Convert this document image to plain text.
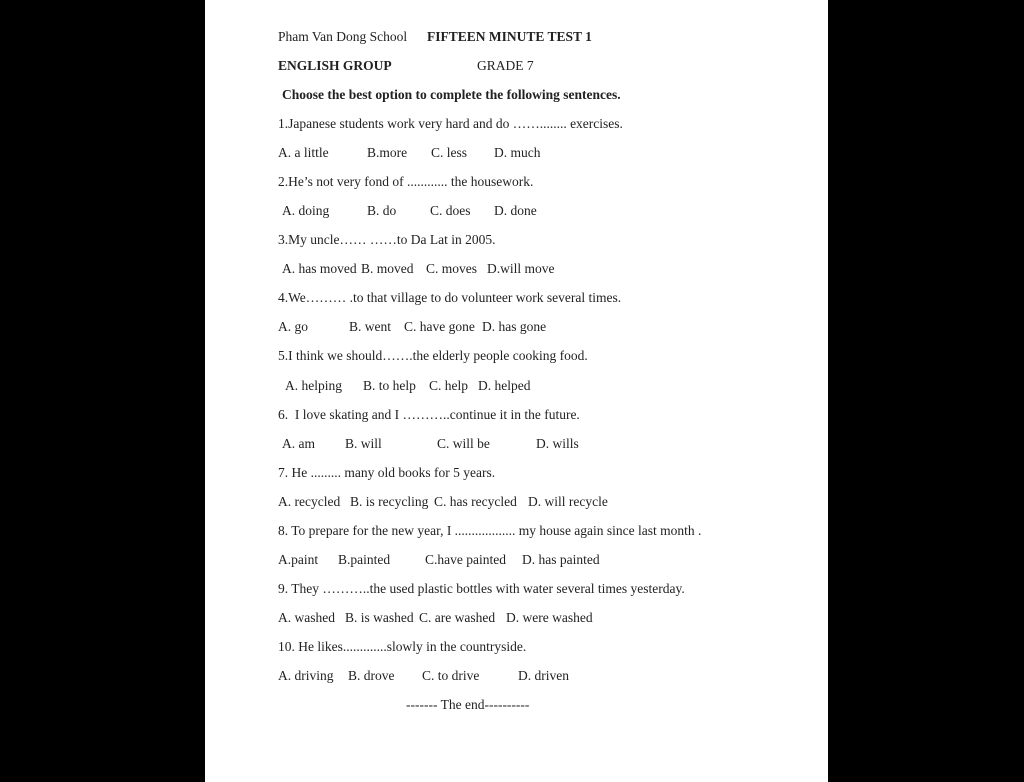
Pham Van Dong School

FIFTEEN MINUTE TEST 1

ENGLISH GROUP

	GRADE 7

Choose the best option to complete the following sentences.
1.Japanese students work very hard and do ……........ exercises.

A. a little

	B.more

C. less

D. much

2.He’s not very fond of ............ the housework.

A. doing

	B. do

C. does

D. done

3.My uncle…… ……to Da Lat in 2005.

A. has moved

B. moved

C. moves

D.will move

4.We……… .to that village to do volunteer work several times.

A. go

	B. went

C. have gone

D. has gone

5.I think we should…….the elderly people cooking food.

A. helping

B. to help

C. help

D. helped

6.  I love skating and I ………..continue it in the future.

A. am

B. will

	C. will be

	D. wills

7. He ......... many old books for 5 years.

A. recycled

B. is recycling

C. has recycled

D. will recycle

8. To prepare for the new year, I .................. my house again since last month .

A.paint

B.painted

	C.have painted

D. has painted

9. They ………..the used plastic bottles with water several times yesterday.

A. washed

B. is washed

C. are washed

D. were washed

10. He likes.............slowly in the countryside.

A. driving

B. drove

C. to drive

	D. driven

------- The end----------
